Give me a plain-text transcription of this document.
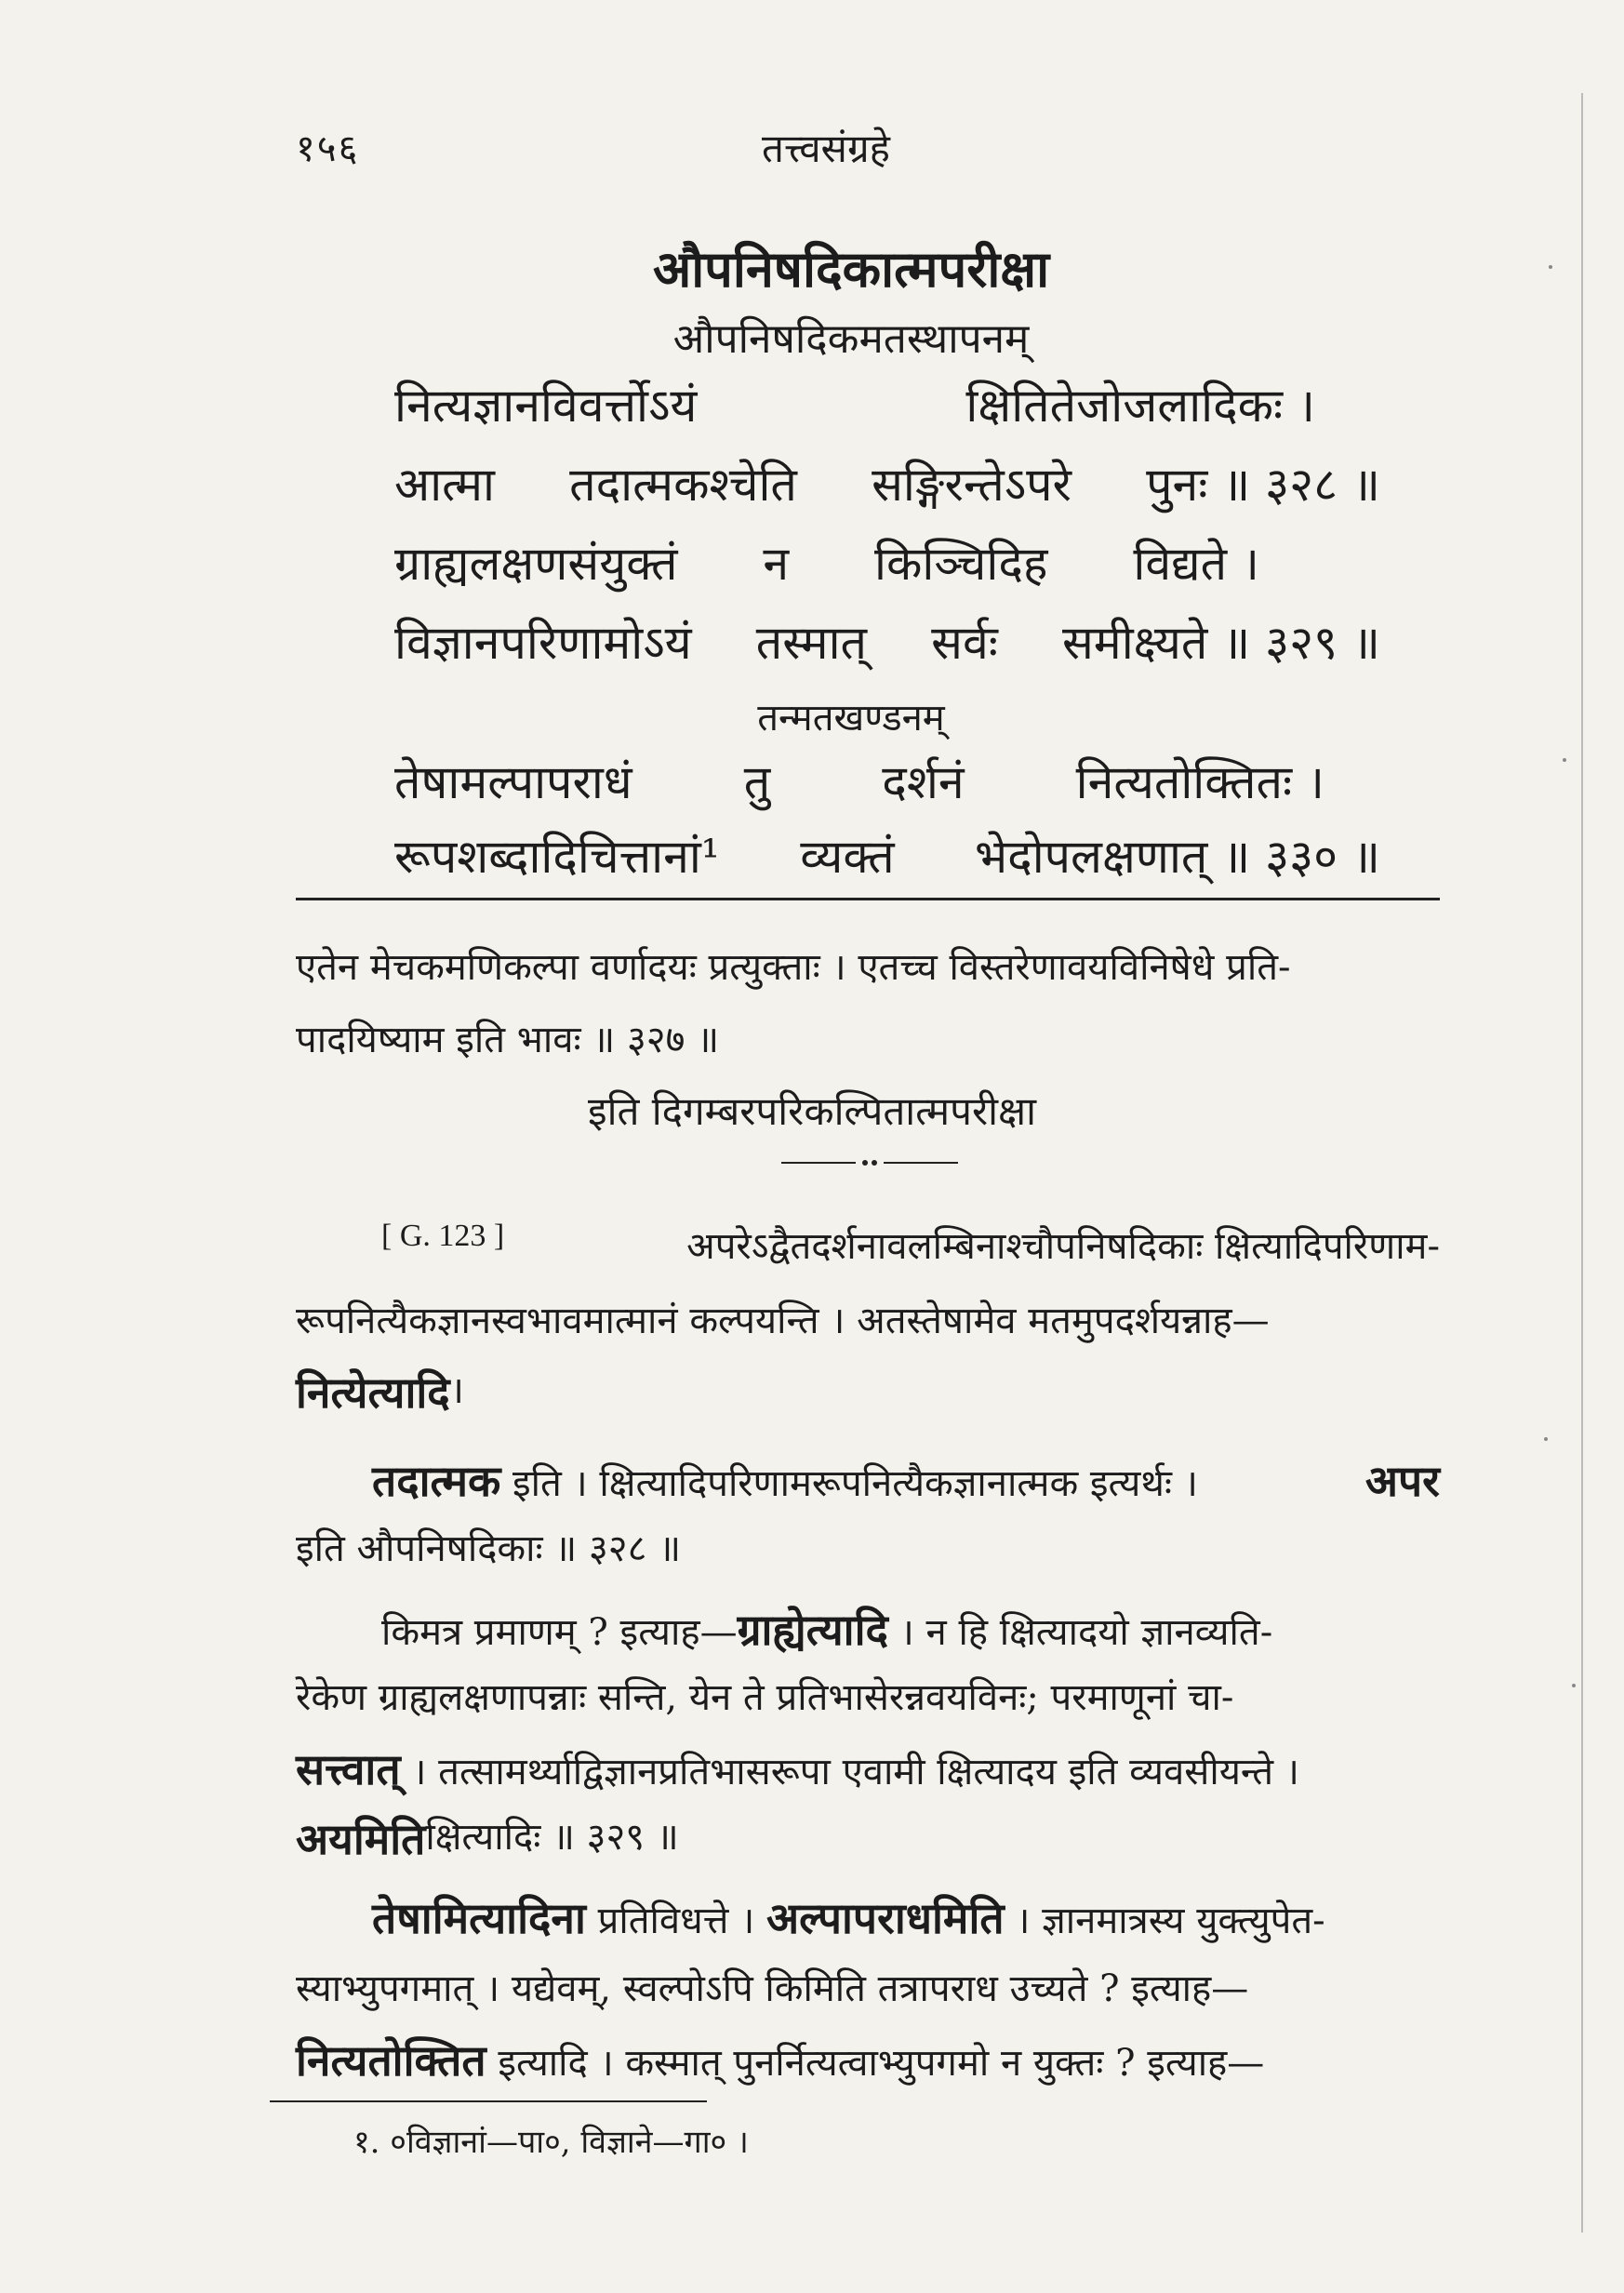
१५६	तत्त्वसंग्रहे
औपनिषदिकात्मपरीक्षा
औपनिषदिकमतस्थापनम्
नित्यज्ञानविवर्त्तोऽयं	क्षितितेजोजलादिकः ।
आत्मा तदात्मकश्चेति सङ्गिरन्तेऽपरे पुनः ॥ ३२८ ॥
ग्राह्यलक्षणसंयुक्तं न किञ्चिदिह विद्यते ।
विज्ञानपरिणामोऽयं तस्मात् सर्वः समीक्ष्यते ॥ ३२९ ॥
तन्मतखण्डनम्
तेषामल्पापराधं तु दर्शनं नित्यतोक्तितः ।
रूपशब्दादिचित्तानां¹ व्यक्तं भेदोपलक्षणात् ॥ ३३० ॥
एतेन मेचकमणिकल्पा वर्णादयः प्रत्युक्ताः । एतच्च विस्तरेणावयविनिषेधे प्रति-
पादयिष्याम इति भावः ॥ ३२७ ॥
इति दिगम्बरपरिकल्पितात्मपरीक्षा
[ G. 123 ]	अपरेऽद्वैतदर्शनावलम्बिनाश्चौपनिषदिकाः क्षित्यादिपरिणाम-
रूपनित्यैकज्ञानस्वभावमात्मानं कल्पयन्ति । अतस्तेषामेव मतमुपदर्शयन्नाह—
नित्येत्यादि ।
तदात्मक इति । क्षित्यादिपरिणामरूपनित्यैकज्ञानात्मक इत्यर्थः ।	अपर
इति औपनिषदिकाः ॥ ३२८ ॥
किमत्र प्रमाणम् ? इत्याह—ग्राह्येत्यादि । न हि क्षित्यादयो ज्ञानव्यति-
रेकेण ग्राह्यलक्षणापन्नाः सन्ति, येन ते प्रतिभासेरन्नवयविनः; परमाणूनां चा-
सत्त्वात् । तत्सामर्थ्याद्विज्ञानप्रतिभासरूपा एवामी क्षित्यादय इति व्यवसीयन्ते ।
अयमिति क्षित्यादिः ॥ ३२९ ॥
तेषामित्यादिना प्रतिविधत्ते । अल्पापराधमिति । ज्ञानमात्रस्य युक्त्युपेत-
स्याभ्युपगमात् । यद्येवम्, स्वल्पोऽपि किमिति तत्रापराध उच्यते ? इत्याह—
नित्यतोक्तित इत्यादि । कस्मात् पुनर्नित्यत्वाभ्युपगमो न युक्तः ? इत्याह—
१. ०विज्ञानां—पा०, विज्ञाने—गा० ।
